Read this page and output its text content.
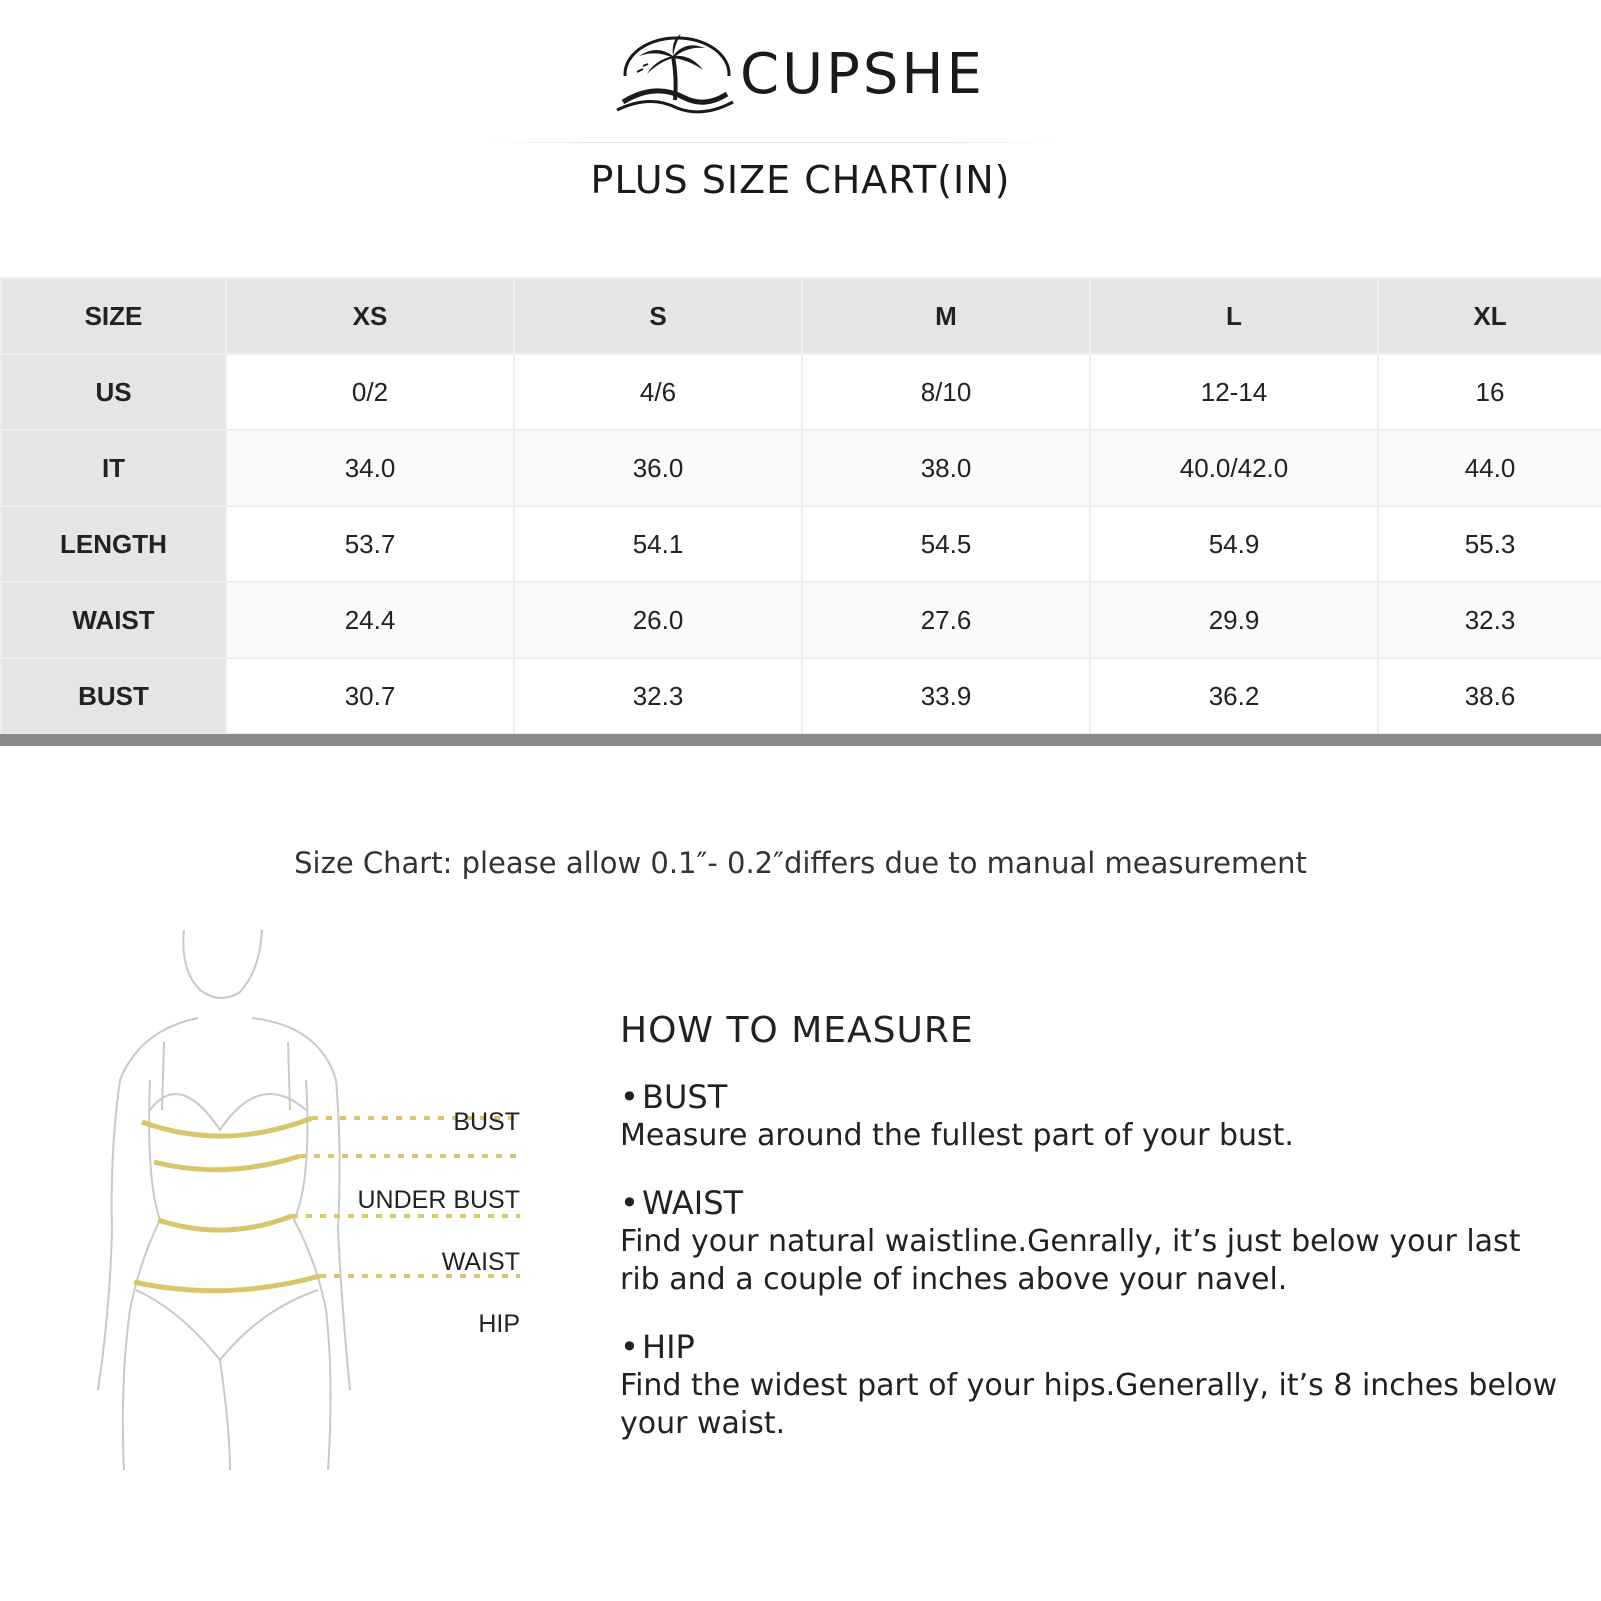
CUPSHE
PLUS SIZE CHART(IN)
SIZE	XS	S	M	L	XL
US	0/2	4/6	8/10	12-14	16
IT	34.0	36.0	38.0	40.0/42.0	44.0
LENGTH	53.7	54.1	54.5	54.9	55.3
WAIST	24.4	26.0	27.6	29.9	32.3
BUST	30.7	32.3	33.9	36.2	38.6
Size Chart: please allow 0.1″- 0.2″differs due to manual measurement
BUST
UNDER BUST
WAIST
HIP
HOW TO MEASURE
•BUST
Measure around the fullest part of your bust.
•WAIST
Find your natural waistline.Genrally, it’s just below your last rib and a couple of inches above your navel.
•HIP
Find the widest part of your hips.Generally, it’s 8 inches below your waist.
